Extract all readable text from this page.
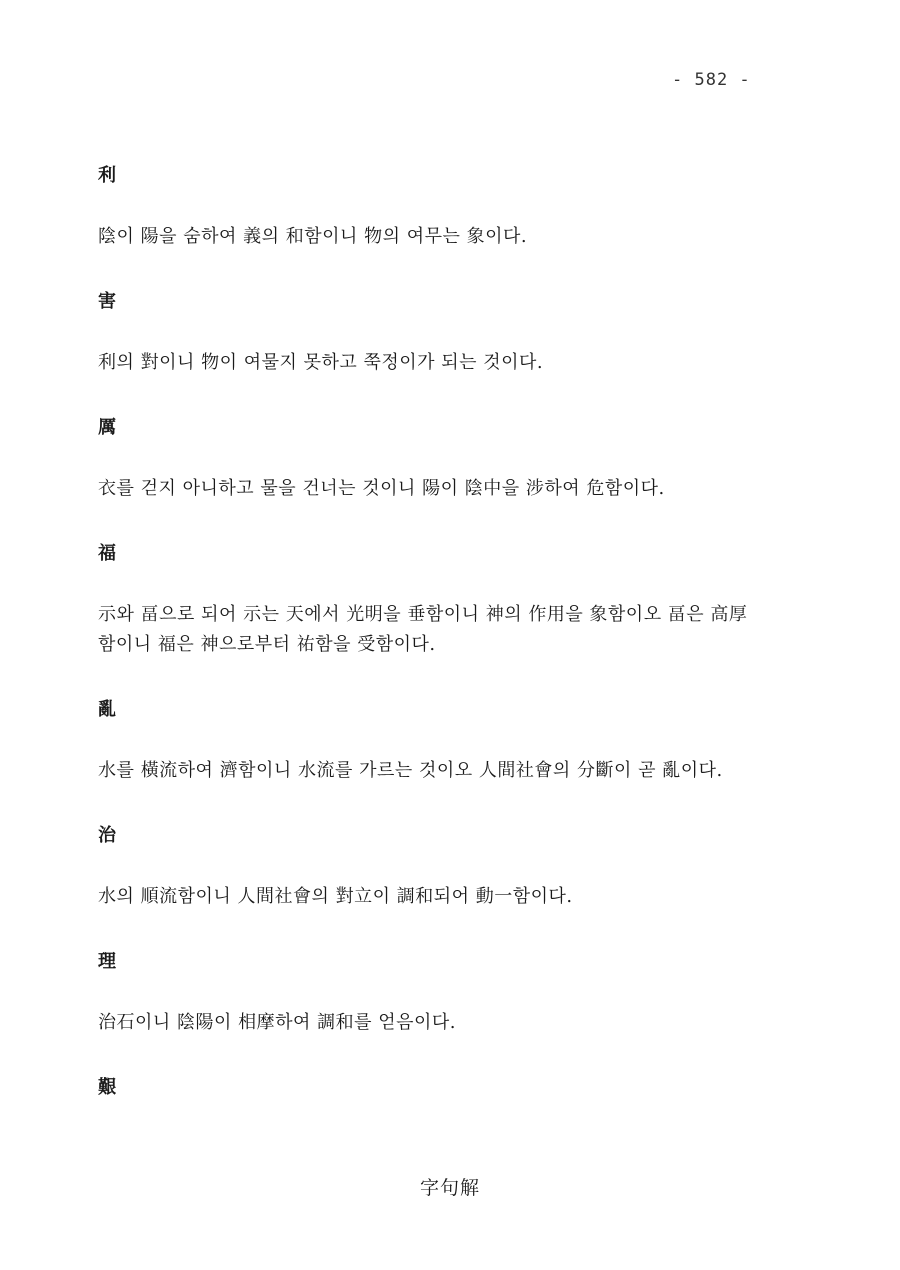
- 582 -

利

陰이 陽을 숨하여 義의 和함이니 物의 여무는 象이다.

害

利의 對이니 物이 여물지 못하고 쭉정이가 되는 것이다.

厲

衣를 걷지 아니하고 물을 건너는 것이니 陽이 陰中을 涉하여 危함이다.

福

示와 畐으로 되어 示는 天에서 光明을 垂함이니 神의 作用을 象함이오 畐은 高厚함이니 福은 神으로부터 祐함을 受함이다.

亂

水를 橫流하여 濟함이니 水流를 가르는 것이오 人間社會의 分斷이 곧 亂이다.

治

水의 順流함이니 人間社會의 對立이 調和되어 動一함이다.

理

治石이니 陰陽이 相摩하여 調和를 얻음이다.

艱

字句解
